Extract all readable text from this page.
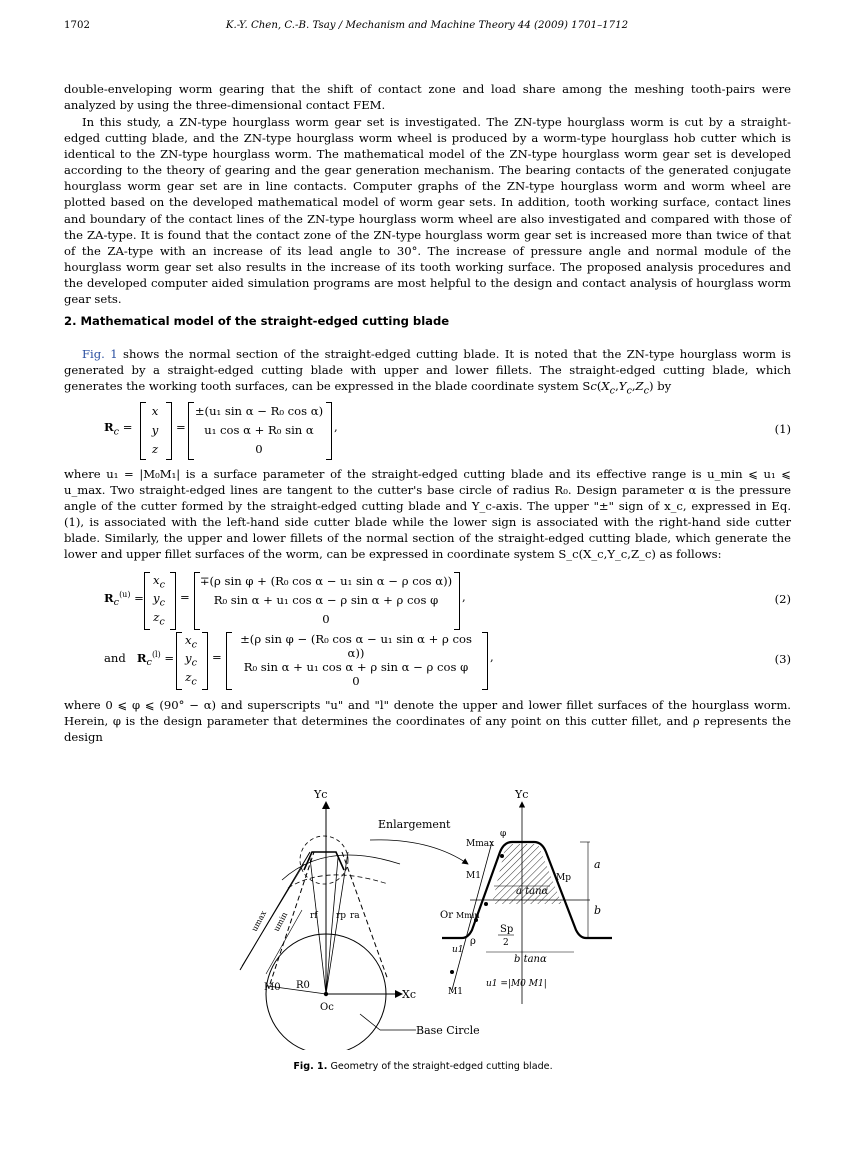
1702	K.-Y. Chen, C.-B. Tsay / Mechanism and Machine Theory 44 (2009) 1701–1712

double-enveloping worm gearing that the shift of contact zone and load share among the meshing tooth-pairs were analyzed by using the three-dimensional contact FEM.

In this study, a ZN-type hourglass worm gear set is investigated. The ZN-type hourglass worm is cut by a straight-edged cutting blade, and the ZN-type hourglass worm wheel is produced by a worm-type hourglass hob cutter which is identical to the ZN-type hourglass worm. The mathematical model of the ZN-type hourglass worm gear set is developed according to the theory of gearing and the gear generation mechanism. The bearing contacts of the generated conjugate hourglass worm gear set are in line contacts. Computer graphs of the ZN-type hourglass worm and worm wheel are plotted based on the developed mathematical model of worm gear sets. In addition, tooth working surface, contact lines and boundary of the contact lines of the ZN-type hourglass worm wheel are also investigated and compared with those of the ZA-type. It is found that the contact zone of the ZN-type hourglass worm gear set is increased more than twice of that of the ZA-type with an increase of its lead angle to 30°. The increase of pressure angle and normal module of the hourglass worm gear set also results in the increase of its tooth working surface. The proposed analysis procedures and the developed computer aided simulation programs are most helpful to the design and contact analysis of hourglass worm gear sets.

2. Mathematical model of the straight-edged cutting blade

Fig. 1 shows the normal section of the straight-edged cutting blade. It is noted that the ZN-type hourglass worm is generated by a straight-edged cutting blade with upper and lower fillets. The straight-edged cutting blade, which generates the working tooth surfaces, can be expressed in the blade coordinate system $Sc(X_c,Y_c,Z_c)$ by

$R_c$ =
x
y
z
=
±(u₁ sin α − R₀ cos α)
u₁ cos α + R₀ sin α
0
,	(1)

where u₁ = |M₀M₁| is a surface parameter of the straight-edged cutting blade and its effective range is u_min ⩽ u₁ ⩽ u_max. Two straight-edged lines are tangent to the cutter's base circle of radius R₀. Design parameter α is the pressure angle of the cutter formed by the straight-edged cutting blade and Y_c-axis. The upper "±" sign of x_c, expressed in Eq. (1), is associated with the left-hand side cutter blade while the lower sign is associated with the right-hand side cutter blade. Similarly, the upper and lower fillets of the normal section of the straight-edged cutting blade, which generate the lower and upper fillet surfaces of the worm, can be expressed in coordinate system S_c(X_c,Y_c,Z_c) as follows:

$R_c^{(u)}$ =
$x_c$
$y_c$
$z_c$
=
∓(ρ sin φ + (R₀ cos α − u₁ sin α − ρ cos α))
R₀ sin α + u₁ cos α − ρ sin α + ρ cos φ
0
,	(2)
and $R_c^{(l)}$ =
$x_c$
$y_c$
$z_c$
=
±(ρ sin φ − (R₀ cos α − u₁ sin α + ρ cos α))
R₀ sin α + u₁ cos α + ρ sin α − ρ cos φ
0
,	(3)

where 0 ⩽ φ ⩽ (90° − α) and superscripts "u" and "l" denote the upper and lower fillet surfaces of the hourglass worm. Herein, φ is the design parameter that determines the coordinates of any point on this cutter fillet, and ρ represents the design

Yc
Xc
Oc
M0 R0
rf rp ra
umax umin
Enlargement
Base Circle
Yc
Mmax
φ
Mp
M1
a tanα
a
b
Or Mmin
Sp
2
ρ
u1
b tanα
M1
u1 =|M0 M1|
Fig. 1. Geometry of the straight-edged cutting blade.
